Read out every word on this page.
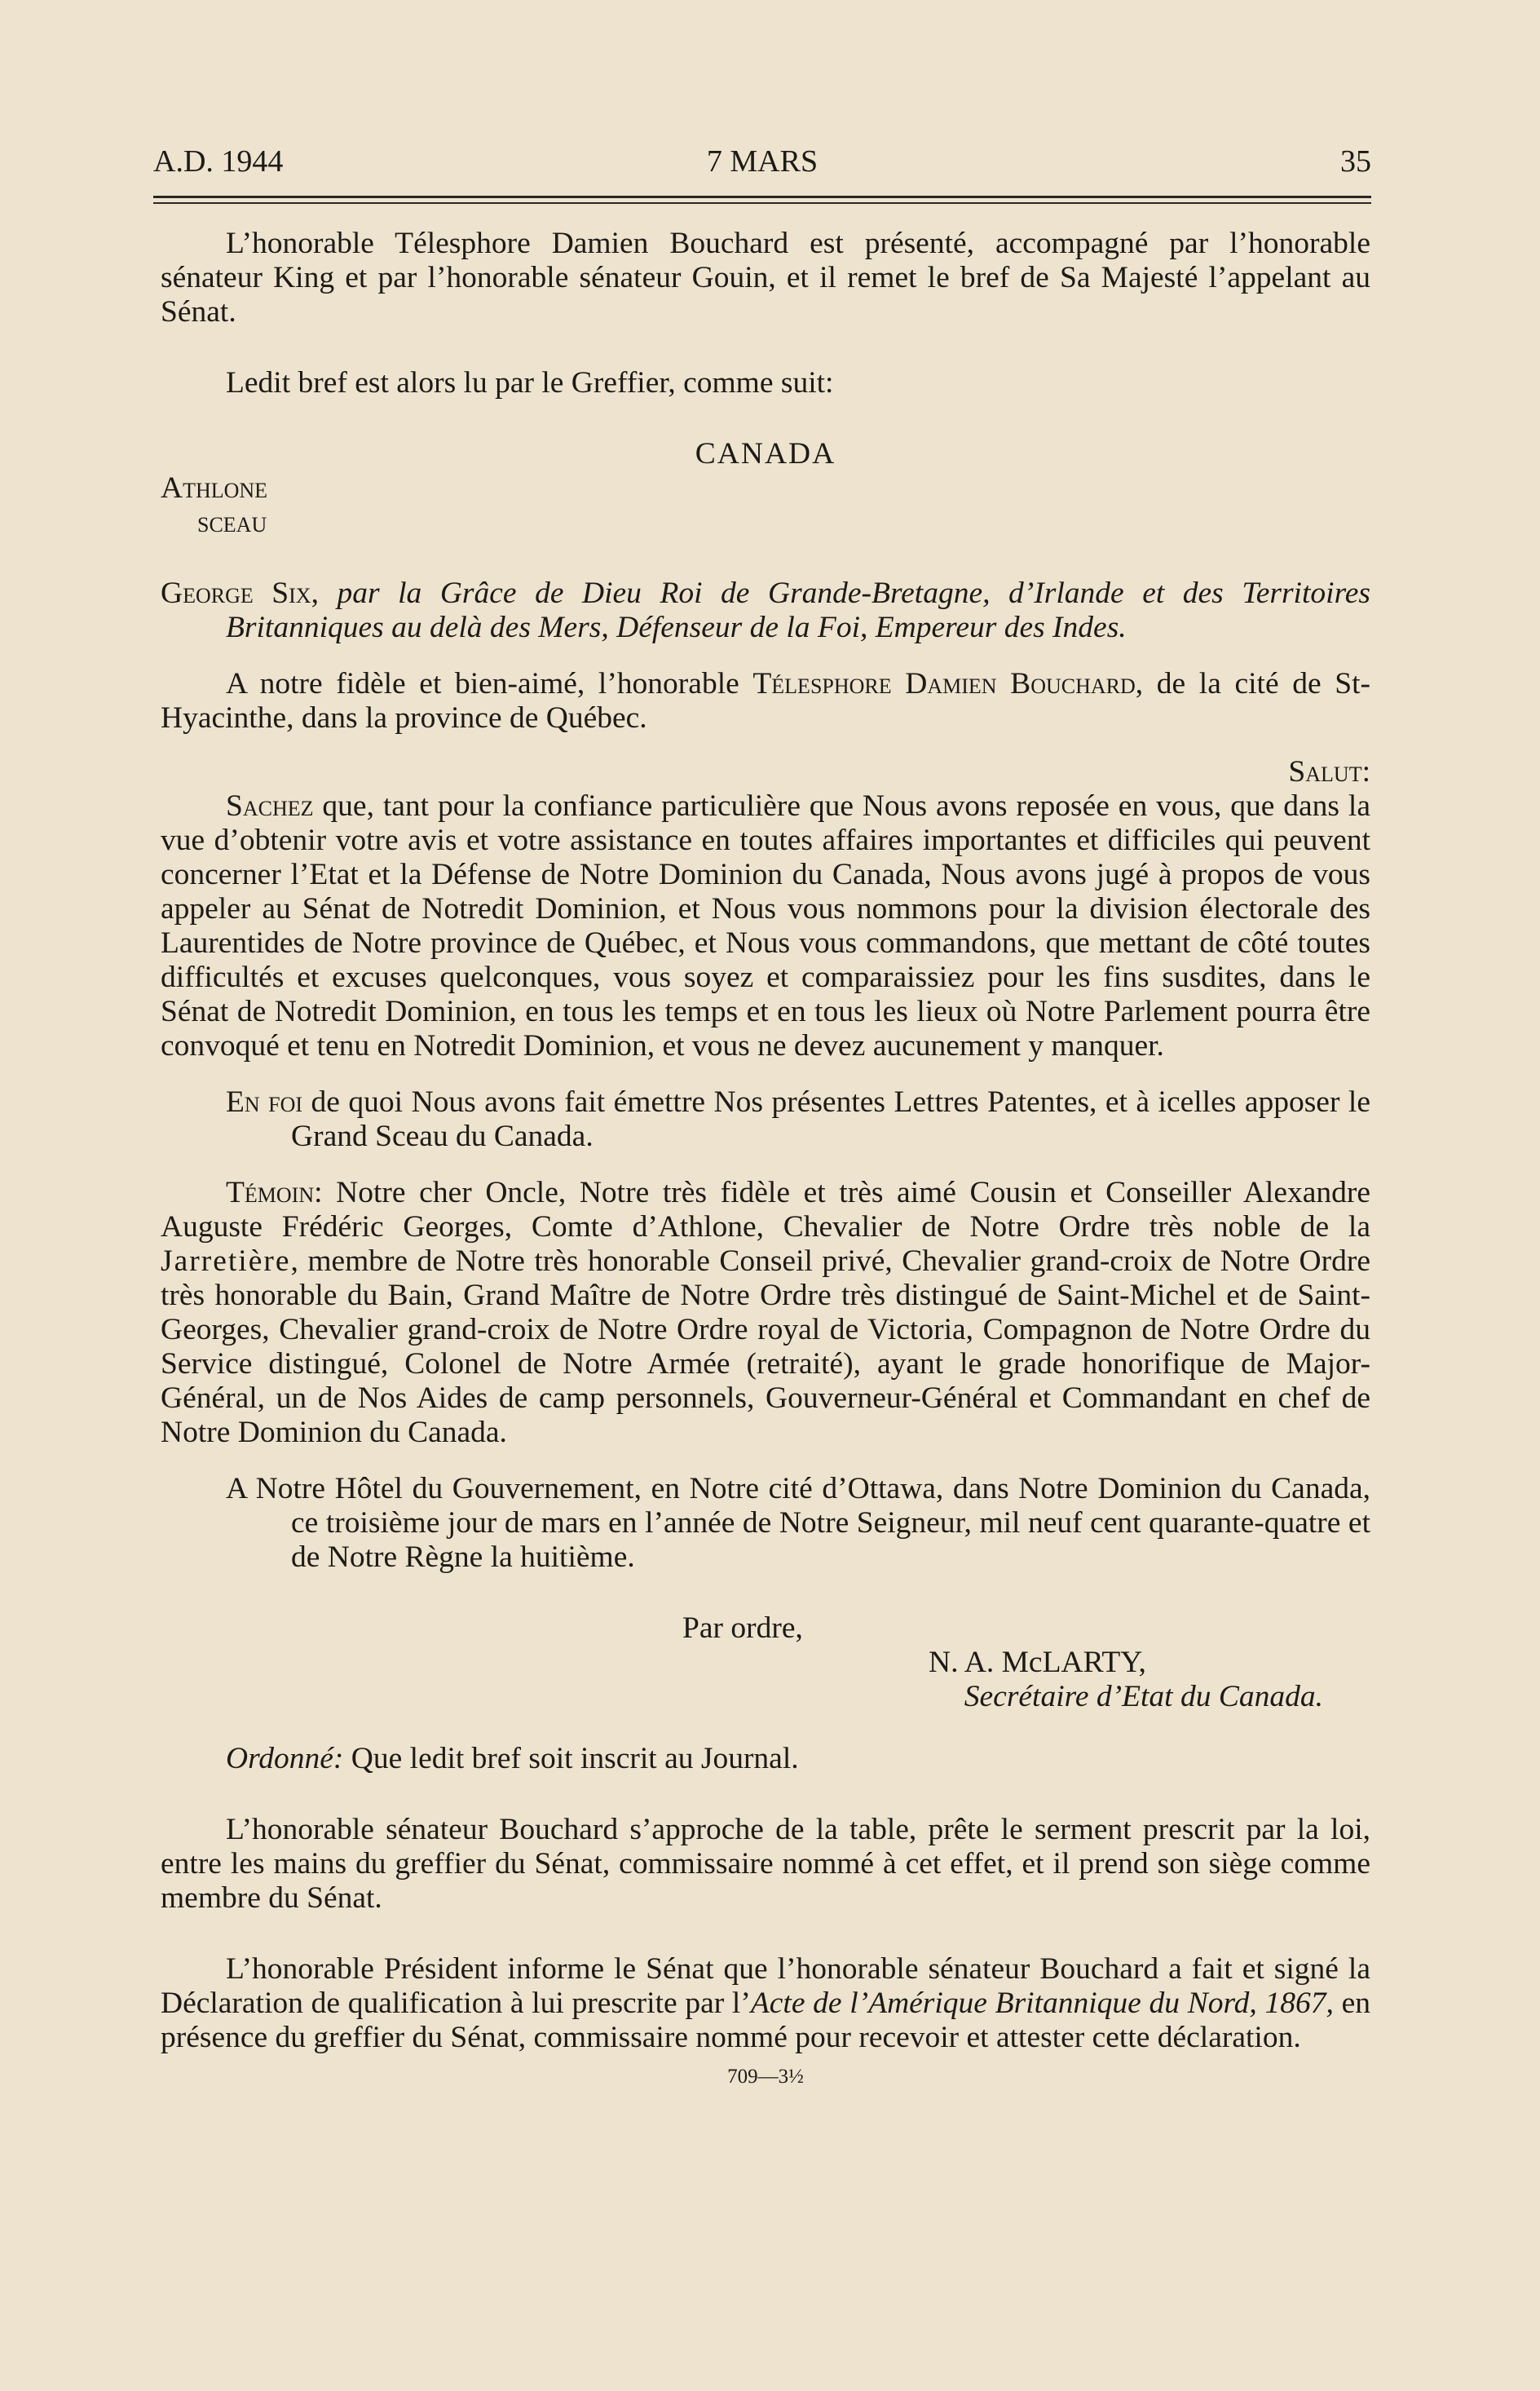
A.D. 1944	7 MARS	35

L’honorable Télesphore Damien Bouchard est présenté, accompagné par l’honorable sénateur King et par l’honorable sénateur Gouin, et il remet le bref de Sa Majesté l’appelant au Sénat.

Ledit bref est alors lu par le Greffier, comme suit:

CANADA

Athlone

sceau

George Six, par la Grâce de Dieu Roi de Grande-Bretagne, d’Irlande et des Territoires Britanniques au delà des Mers, Défenseur de la Foi, Empereur des Indes.

A notre fidèle et bien-aimé, l’honorable Télesphore Damien Bouchard, de la cité de St-Hyacinthe, dans la province de Québec.

Salut:

Sachez que, tant pour la confiance particulière que Nous avons reposée en vous, que dans la vue d’obtenir votre avis et votre assistance en toutes affaires importantes et difficiles qui peuvent concerner l’Etat et la Défense de Notre Dominion du Canada, Nous avons jugé à propos de vous appeler au Sénat de Notredit Dominion, et Nous vous nommons pour la division électorale des Laurentides de Notre province de Québec, et Nous vous commandons, que mettant de côté toutes difficultés et excuses quelconques, vous soyez et comparaissiez pour les fins susdites, dans le Sénat de Notredit Dominion, en tous les temps et en tous les lieux où Notre Parlement pourra être convoqué et tenu en Notredit Dominion, et vous ne devez aucunement y manquer.

En foi de quoi Nous avons fait émettre Nos présentes Lettres Patentes, et à icelles apposer le Grand Sceau du Canada.

Témoin: Notre cher Oncle, Notre très fidèle et très aimé Cousin et Conseiller Alexandre Auguste Frédéric Georges, Comte d’Athlone, Chevalier de Notre Ordre très noble de la Jarretière, membre de Notre très honorable Conseil privé, Chevalier grand-croix de Notre Ordre très honorable du Bain, Grand Maître de Notre Ordre très distingué de Saint-Michel et de Saint-Georges, Chevalier grand-croix de Notre Ordre royal de Victoria, Compagnon de Notre Ordre du Service distingué, Colonel de Notre Armée (retraité), ayant le grade honorifique de Major-Général, un de Nos Aides de camp personnels, Gouverneur-Général et Commandant en chef de Notre Dominion du Canada.

A Notre Hôtel du Gouvernement, en Notre cité d’Ottawa, dans Notre Dominion du Canada, ce troisième jour de mars en l’année de Notre Seigneur, mil neuf cent quarante-quatre et de Notre Règne la huitième.

Par ordre,

N. A. McLARTY,

Secrétaire d’Etat du Canada.

Ordonné: Que ledit bref soit inscrit au Journal.

L’honorable sénateur Bouchard s’approche de la table, prête le serment prescrit par la loi, entre les mains du greffier du Sénat, commissaire nommé à cet effet, et il prend son siège comme membre du Sénat.

L’honorable Président informe le Sénat que l’honorable sénateur Bouchard a fait et signé la Déclaration de qualification à lui prescrite par l’Acte de l’Amérique Britannique du Nord, 1867, en présence du greffier du Sénat, commissaire nommé pour recevoir et attester cette déclaration.

709—3½
